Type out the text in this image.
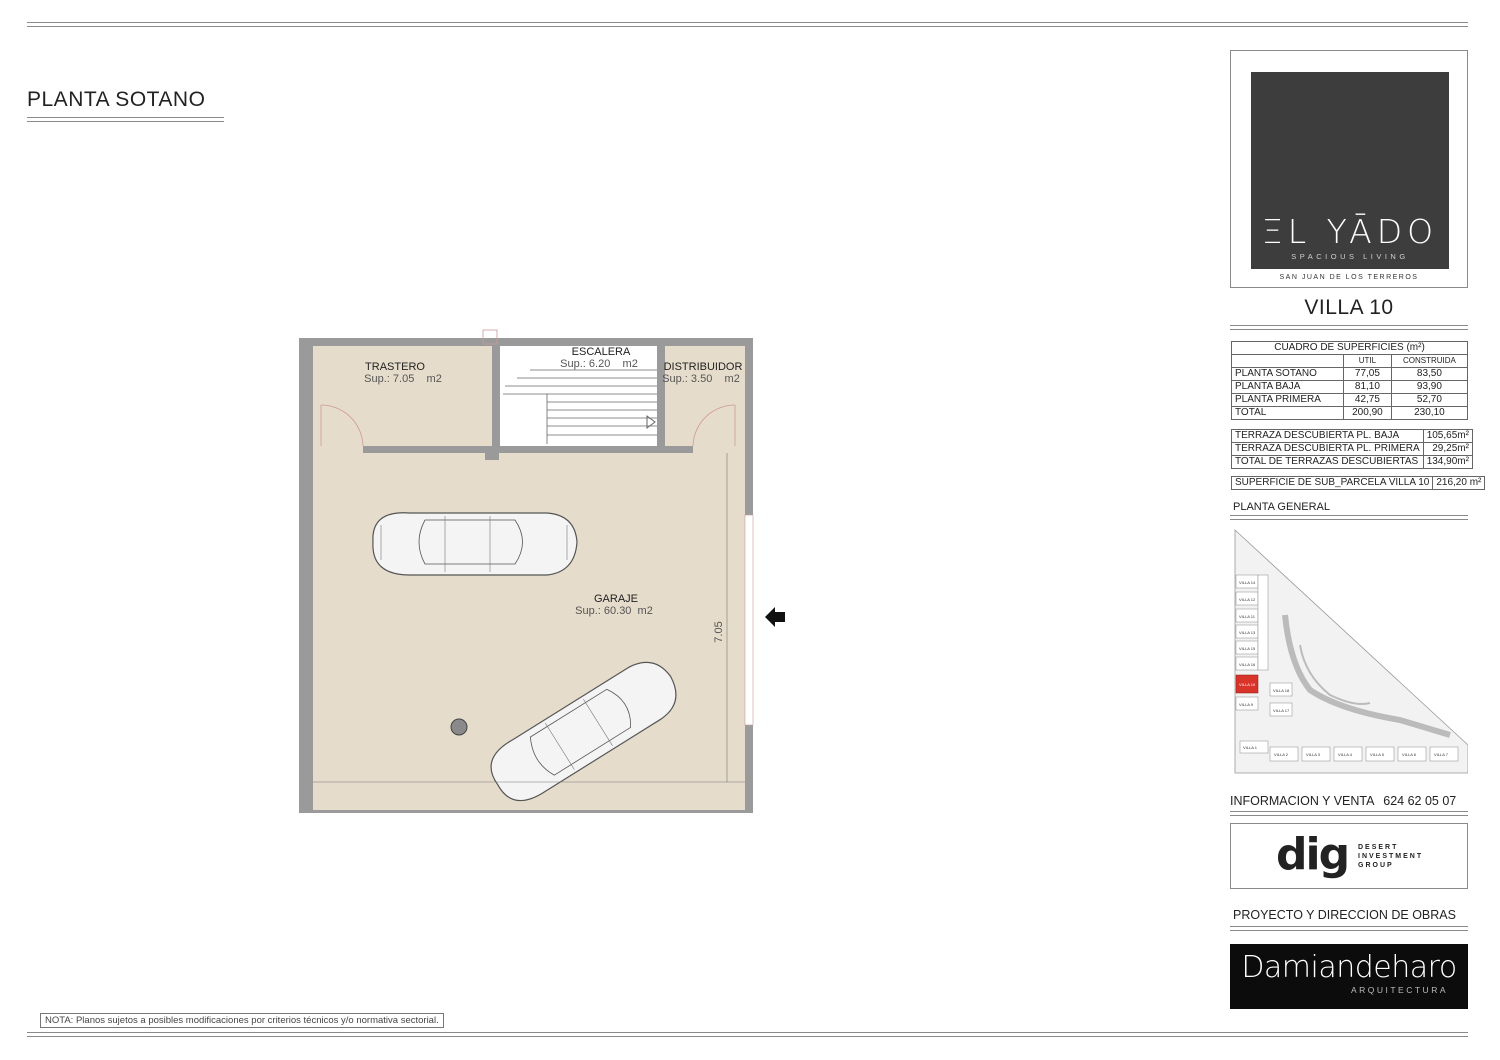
PLANTA SOTANO
TRASTERO
Sup.: 7.05    m2
ESCALERA
Sup.: 6.20    m2 DISTRIBUIDOR
Sup.: 3.50    m2
GARAJE
Sup.: 60.30  m2
7.05
ΞL YĀDO
SPACIOUS LIVING
SAN JUAN DE LOS TERREROS
VILLA 10
CUADRO DE SUPERFICIES (m²)		
	UTIL	CONSTRUIDA
PLANTA SOTANO	77,05	83,50
PLANTA BAJA	81,10	93,90
PLANTA PRIMERA	42,75	52,70
TOTAL	200,90	230,10
TERRAZA DESCUBIERTA PL. BAJA	105,65m²
TERRAZA DESCUBIERTA PL. PRIMERA	29,25m²
TOTAL DE TERRAZAS DESCUBIERTAS	134,90m²
SUPERFICIE DE SUB_PARCELA VILLA 10	216,20 m²
PLANTA GENERAL
VILLA 14
VILLA 12
VILLA 11
VILLA 13
VILLA 15
VILLA 16
VILLA 10
VILLA 9
VILLA 18
VILLA 17
VILLA 1
VILLA 2	VILLA 3	VILLA 4	VILLA 5	VILLA 6	VILLA 7
INFORMACION Y VENTA 624 62 05 07
dig DESERT
INVESTMENT
GROUP
PROYECTO Y DIRECCION DE OBRAS
Damiandeharo
ARQUITECTURA
NOTA: Planos sujetos a posibles modificaciones por criterios técnicos y/o normativa sectorial.
